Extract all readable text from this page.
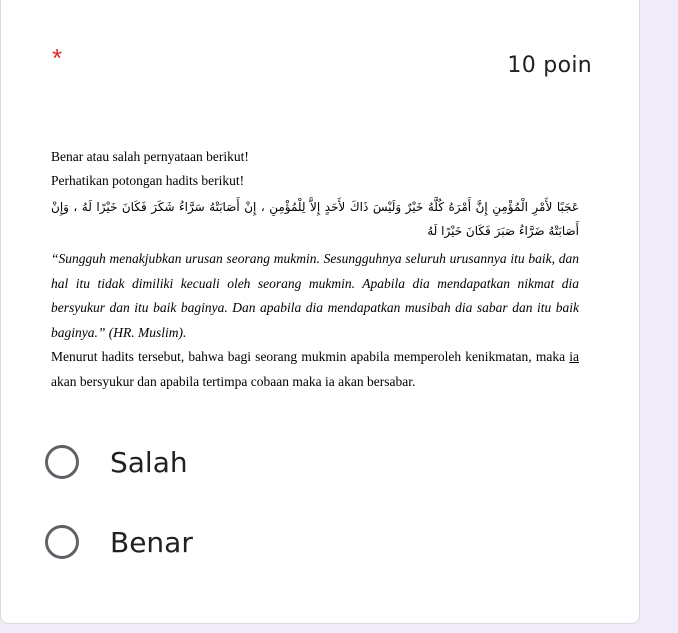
*	10 poin

Benar atau salah pernyataan berikut!

Perhatikan potongan hadits berikut!

عَجَبًا لأَمْرِ الْمُؤْمِنِ إِنَّ أَمْرَهُ كُلَّهُ خَيْرٌ وَلَيْسَ ذَاكَ لأَحَدٍ إِلاَّ لِلْمُؤْمِنِ ، إِنْ أَصَابَتْهُ سَرَّاءُ شَكَرَ فَكَانَ خَيْرًا لَهُ ، وَإِنْ أَصَابَتْهُ ضَرَّاءُ صَبَرَ فَكَانَ خَيْرًا لَهُ

“Sungguh menakjubkan urusan seorang mukmin. Sesungguhnya seluruh urusannya itu baik, dan hal itu tidak dimiliki kecuali oleh seorang mukmin. Apabila dia mendapatkan nikmat dia bersyukur dan itu baik baginya. Dan apabila dia mendapatkan musibah dia sabar dan itu baik baginya.” (HR. Muslim).

Menurut hadits tersebut, bahwa bagi seorang mukmin apabila memperoleh kenikmatan, maka ia akan bersyukur dan apabila tertimpa cobaan maka ia akan bersabar.

Salah
Benar
